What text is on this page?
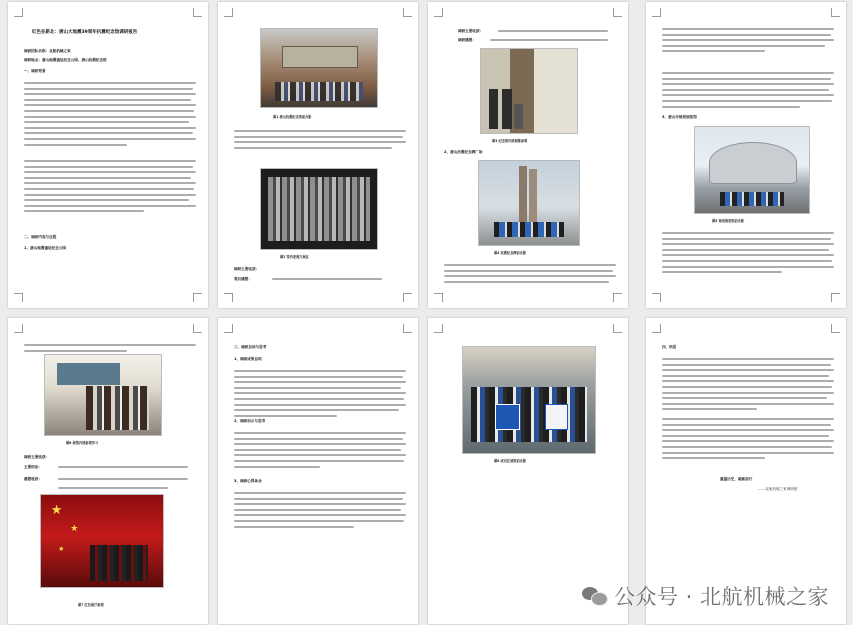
红色在新北：唐山大地震39周年抗震纪念馆调研报告
调研团队名称：北航机械之家
调研地点：唐山地震遗址纪念公园、唐山抗震纪念馆
一、调研背景
二、调研内容与过程
1、唐山地震遗址纪念公园
图1 唐山抗震纪念馆前合影
图2 馆内老照片展区
调研主要收获：
观后感想：
调研主要收获：
调研感想：
图3 纪念馆内部展陈参观
2、唐山抗震纪念碑广场
图4 抗震纪念碑前合影
3、唐山市规划展览馆
图5 规划展览馆前合影
图6 展馆内部参观学习
调研主要收获：
主要结论：
感想收获：
★
★
★
图7 红色展厅参观
三、调研总结与思考
1、调研成果总结
2、调研启示与思考
3、调研心得体会
图8 成员在展馆前合影
四、结语
重温历史，砥砺前行
——北航机械之家调研团
公众号 · 北航机械之家
